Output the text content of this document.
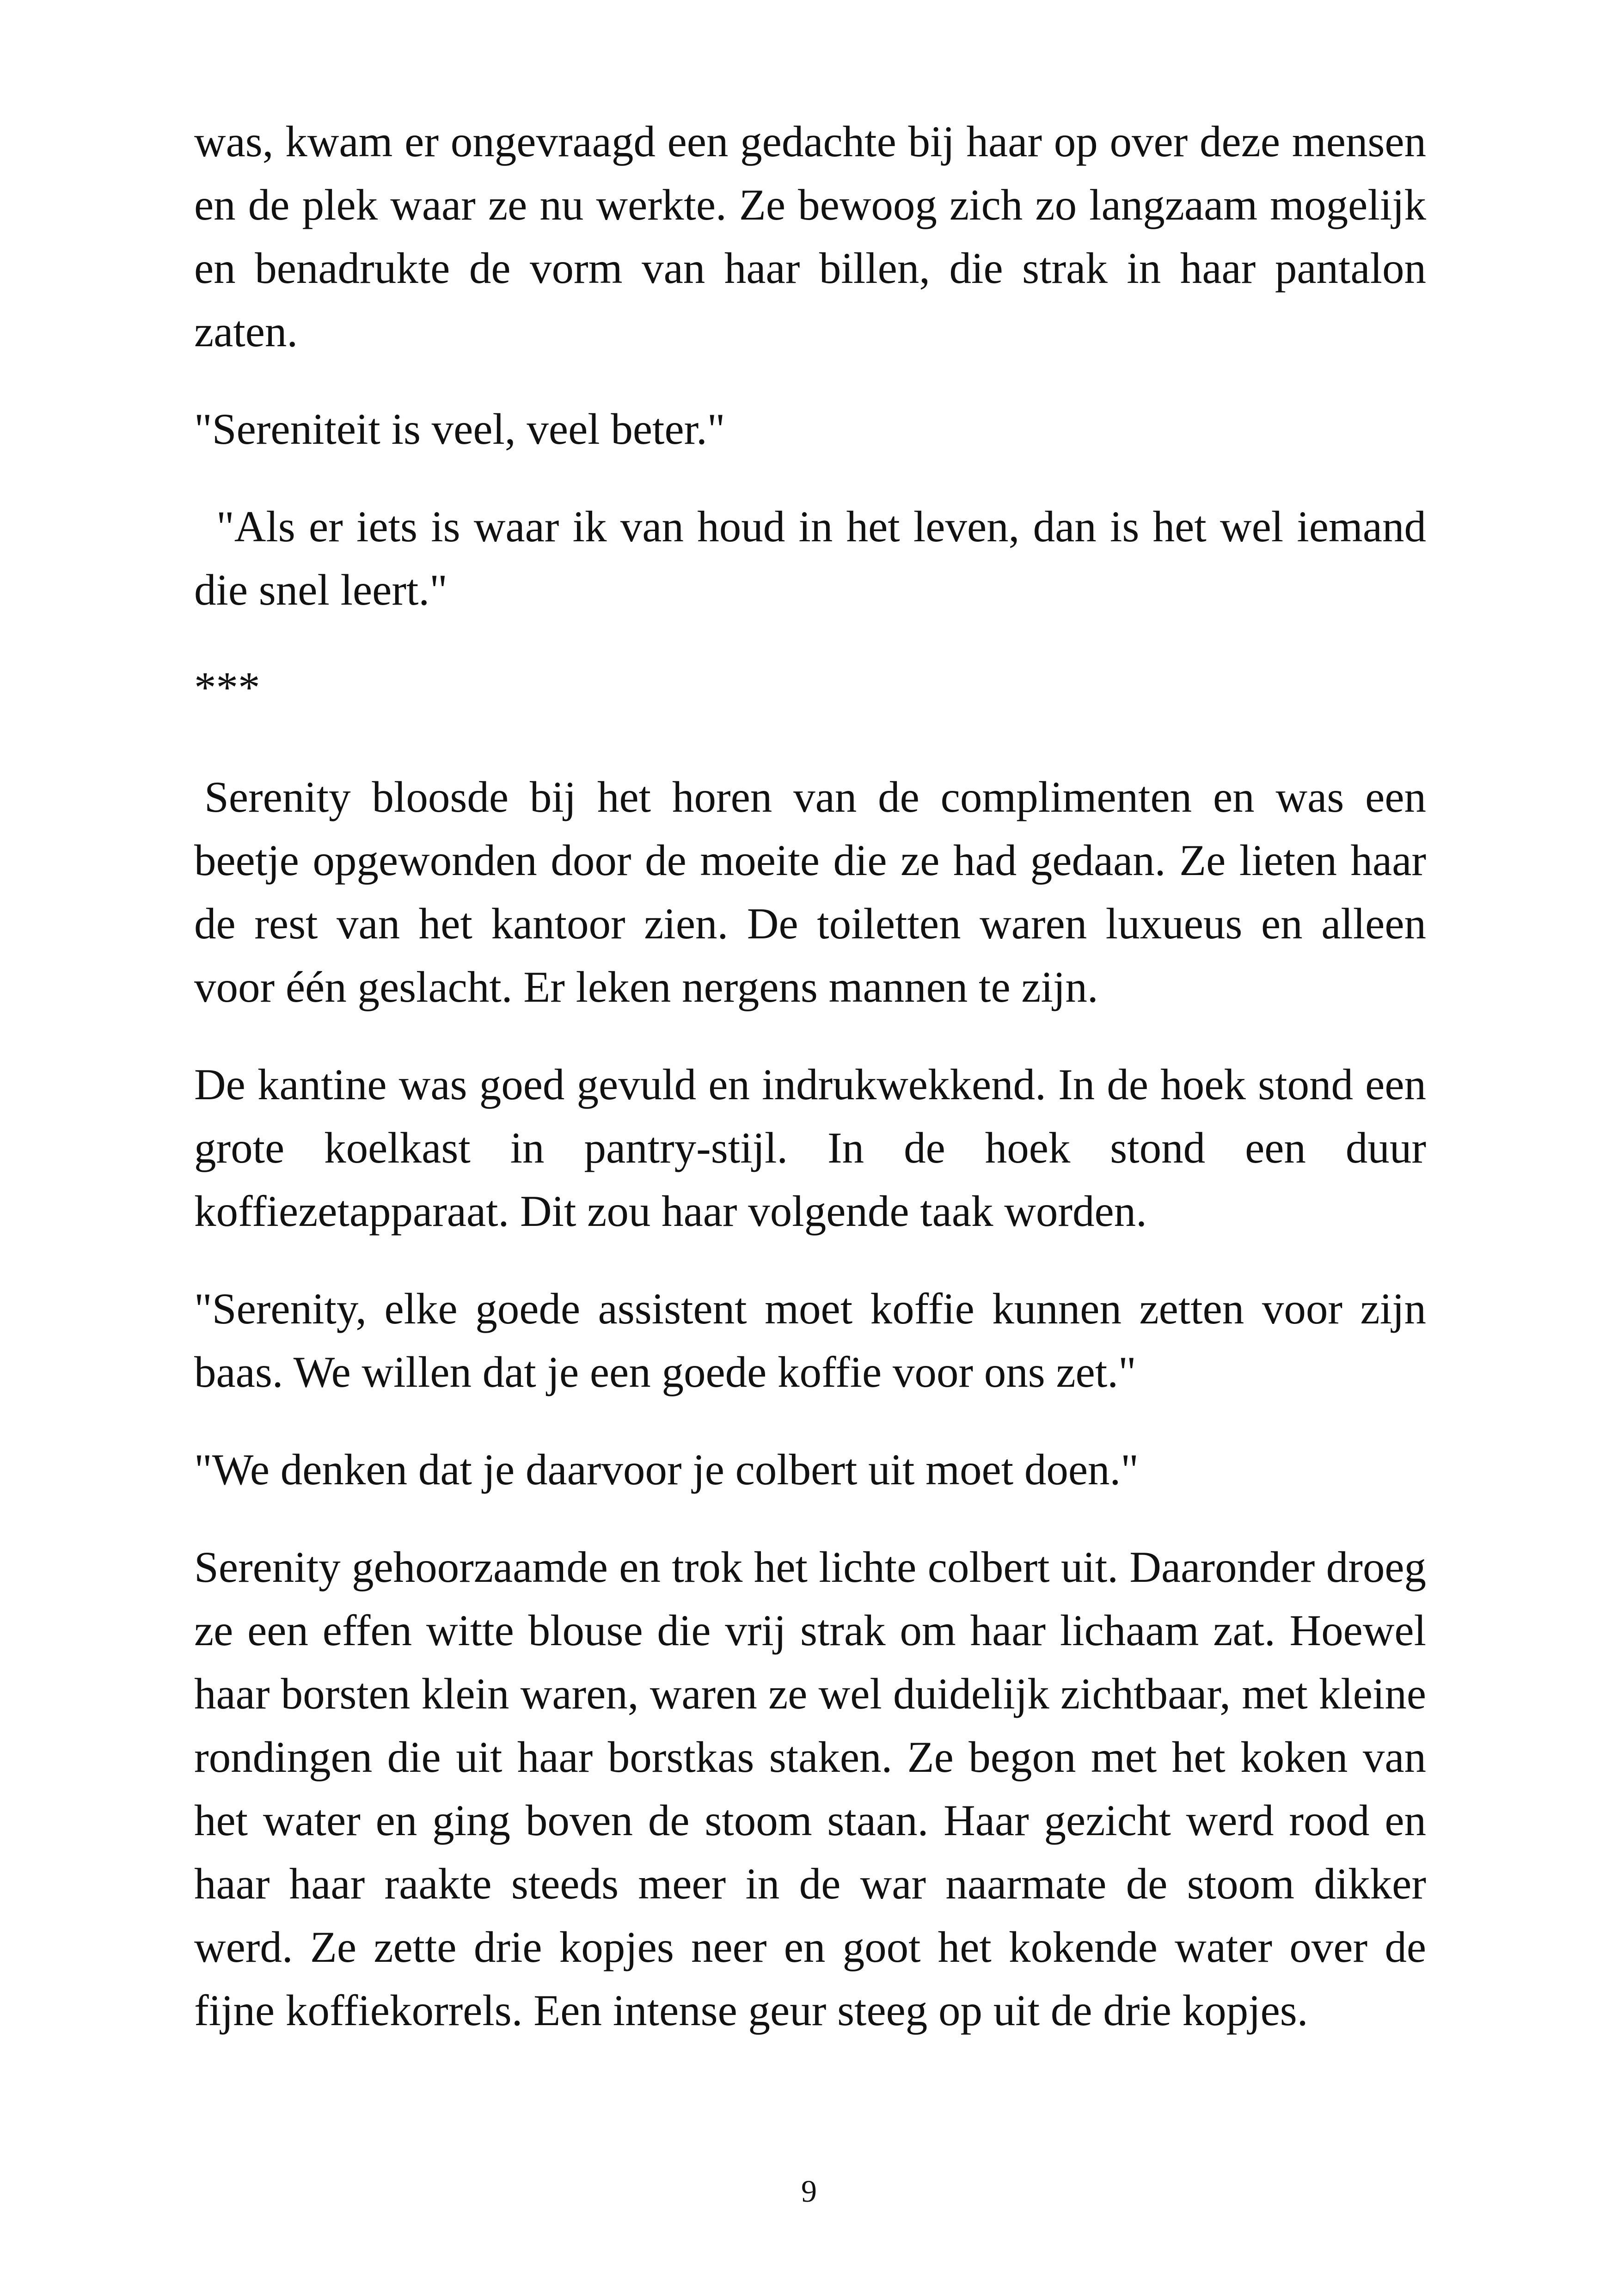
was, kwam er ongevraagd een gedachte bij haar op over deze mensen en de plek waar ze nu werkte. Ze bewoog zich zo langzaam mogelijk en benadrukte de vorm van haar billen, die strak in haar pantalon zaten.

"Sereniteit is veel, veel beter."

"Als er iets is waar ik van houd in het leven, dan is het wel iemand die snel leert."

***

Serenity bloosde bij het horen van de complimenten en was een beetje opgewonden door de moeite die ze had gedaan. Ze lieten haar de rest van het kantoor zien. De toiletten waren luxueus en alleen voor één geslacht. Er leken nergens mannen te zijn.

De kantine was goed gevuld en indrukwekkend. In de hoek stond een grote koelkast in pantry-stijl. In de hoek stond een duur koffiezetapparaat. Dit zou haar volgende taak worden.

"Serenity, elke goede assistent moet koffie kunnen zetten voor zijn baas. We willen dat je een goede koffie voor ons zet."

"We denken dat je daarvoor je colbert uit moet doen."

Serenity gehoorzaamde en trok het lichte colbert uit. Daaronder droeg ze een effen witte blouse die vrij strak om haar lichaam zat. Hoewel haar borsten klein waren, waren ze wel duidelijk zichtbaar, met kleine rondingen die uit haar borstkas staken. Ze begon met het koken van het water en ging boven de stoom staan. Haar gezicht werd rood en haar haar raakte steeds meer in de war naarmate de stoom dikker werd. Ze zette drie kopjes neer en goot het kokende water over de fijne koffiekorrels. Een intense geur steeg op uit de drie kopjes.

9
